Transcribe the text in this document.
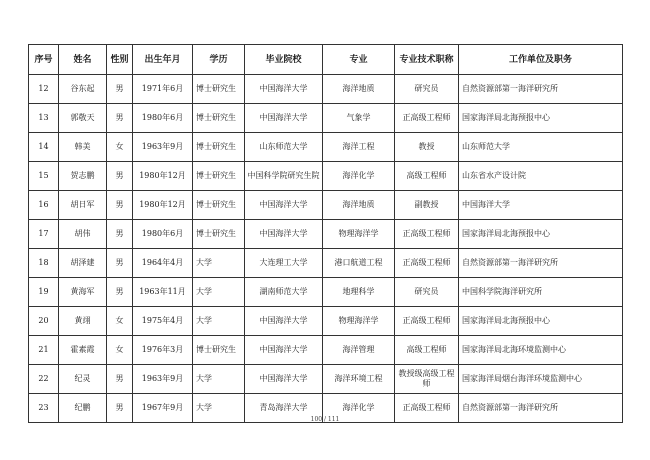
序号	姓名	性别	出生年月	学历	毕业院校	专业	专业技术职称	工作单位及职务
12	谷东起	男	1971年6月	博士研究生	中国海洋大学	海洋地质	研究员	自然资源部第一海洋研究所
13	郭敬天	男	1980年6月	博士研究生	中国海洋大学	气象学	正高级工程师	国家海洋局北海预报中心
14	韩美	女	1963年9月	博士研究生	山东师范大学	海洋工程	教授	山东师范大学
15	贺志鹏	男	1980年12月	博士研究生	中国科学院研究生院	海洋化学	高级工程师	山东省水产设计院
16	胡日军	男	1980年12月	博士研究生	中国海洋大学	海洋地质	副教授	中国海洋大学
17	胡伟	男	1980年6月	博士研究生	中国海洋大学	物理海洋学	正高级工程师	国家海洋局北海预报中心
18	胡泽建	男	1964年4月	大学	大连理工大学	港口航道工程	正高级工程师	自然资源部第一海洋研究所
19	黄海军	男	1963年11月	大学	湖南师范大学	地理科学	研究员	中国科学院海洋研究所
20	黄翊	女	1975年4月	大学	中国海洋大学	物理海洋学	正高级工程师	国家海洋局北海预报中心
21	霍素霞	女	1976年3月	博士研究生	中国海洋大学	海洋管理	高级工程师	国家海洋局北海环境监测中心
22	纪灵	男	1963年9月	大学	中国海洋大学	海洋环境工程	教授级高级工程师	国家海洋局烟台海洋环境监测中心
23	纪鹏	男	1967年9月	大学	青岛海洋大学	海洋化学	正高级工程师	自然资源部第一海洋研究所
100 / 111
